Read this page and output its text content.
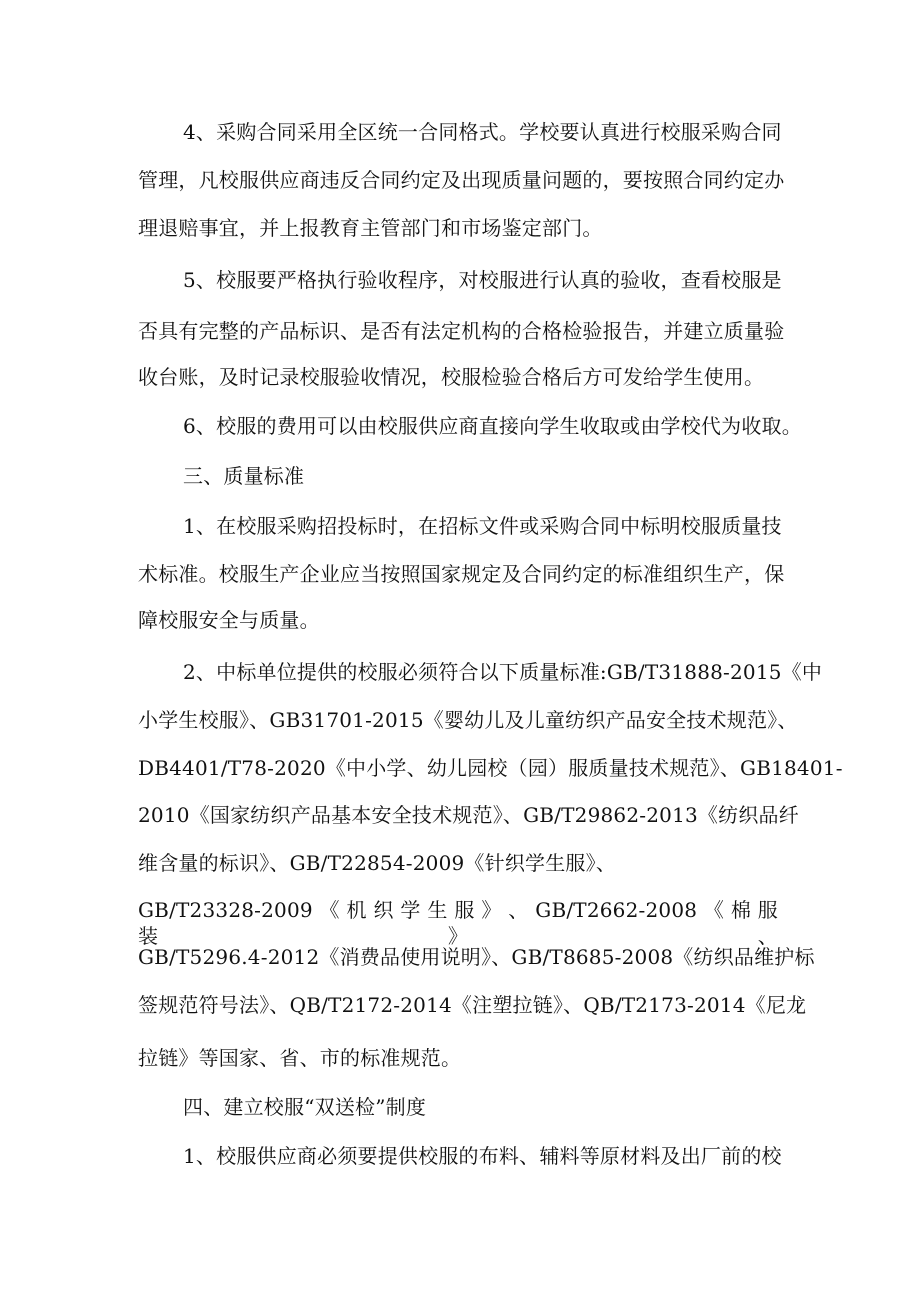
4、采购合同采用全区统一合同格式。学校要认真进行校服采购合同
管理，凡校服供应商违反合同约定及出现质量问题的，要按照合同约定办
理退赔事宜，并上报教育主管部门和市场鉴定部门。
5、校服要严格执行验收程序，对校服进行认真的验收，查看校服是
否具有完整的产品标识、是否有法定机构的合格检验报告，并建立质量验
收台账，及时记录校服验收情况，校服检验合格后方可发给学生使用。
6、校服的费用可以由校服供应商直接向学生收取或由学校代为收取。
三、质量标准
1、在校服采购招投标时，在招标文件或采购合同中标明校服质量技
术标准。校服生产企业应当按照国家规定及合同约定的标准组织生产，保
障校服安全与质量。
2、中标单位提供的校服必须符合以下质量标准:GB/T31888-2015《中
小学生校服》、GB31701-2015《婴幼儿及儿童纺织产品安全技术规范》、
DB4401/T78-2020《中小学、幼儿园校（园）服质量技术规范》、GB18401-
2010《国家纺织产品基本安全技术规范》、GB/T29862-2013《纺织品纤
维含量的标识》、GB/T22854-2009《针织学生服》、
GB/T23328-2009 《 机 织 学 生 服 》 、 GB/T2662-2008 《 棉 服 装 》 、
GB/T5296.4-2012《消费品使用说明》、GB/T8685-2008《纺织品维护标
签规范符号法》、QB/T2172-2014《注塑拉链》、QB/T2173-2014《尼龙
拉链》等国家、省、市的标准规范。
四、建立校服“双送检”制度
1、校服供应商必须要提供校服的布料、辅料等原材料及出厂前的校
